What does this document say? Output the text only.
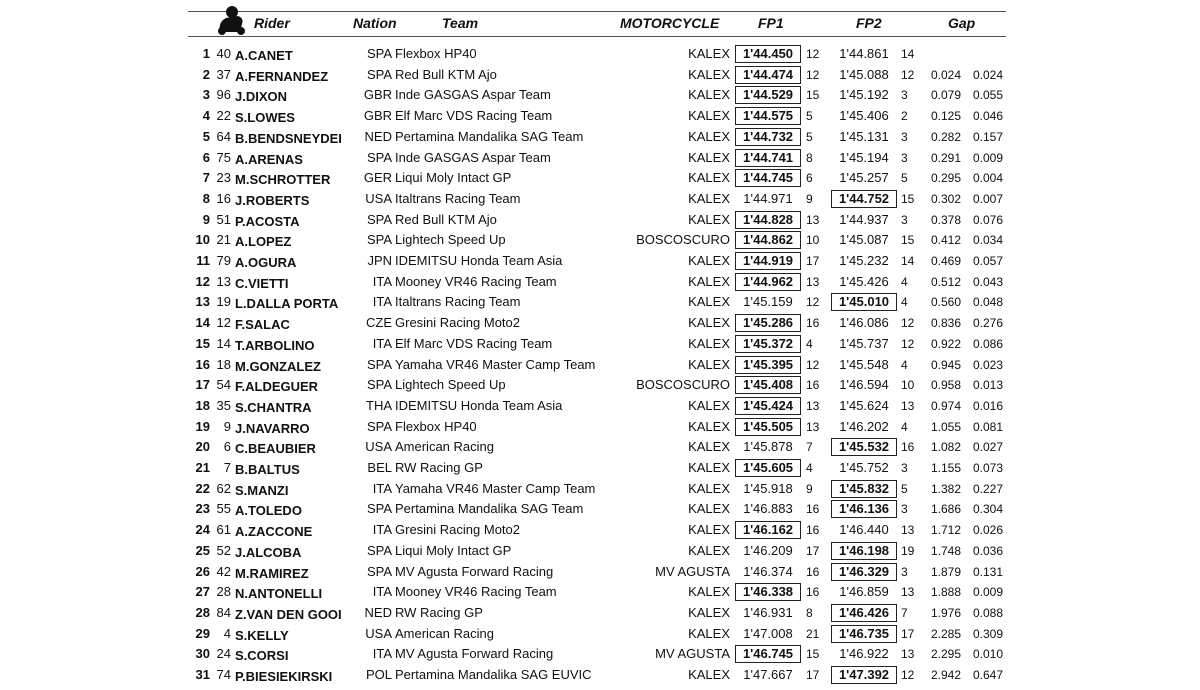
Rider	Nation	Team	MOTORCYCLE	FP1	FP2	Gap
1 40 A.CANET	SPA Flexbox HP40	KALEX 1'44.450	12	1'44.861	14
2 37 A.FERNANDEZ	SPA Red Bull KTM Ajo	KALEX 1'44.474	12	1'45.088	12	0.024 0.024
3 96 J.DIXON	GBR Inde GASGAS Aspar Team	KALEX 1'44.529	15	1'45.192	3	0.079 0.055
4 22 S.LOWES	GBR Elf Marc VDS Racing Team	KALEX 1'44.575	5	1'45.406	2	0.125 0.046
5 64 B.BENDSNEYDEI	NED Pertamina Mandalika SAG Team	KALEX 1'44.732	5	1'45.131	3	0.282 0.157
6 75 A.ARENAS	SPA Inde GASGAS Aspar Team	KALEX 1'44.741	8	1'45.194	3	0.291 0.009
7 23 M.SCHROTTER	GER Liqui Moly Intact GP	KALEX 1'44.745	6	1'45.257	5	0.295 0.004
8 16 J.ROBERTS	USA Italtrans Racing Team	KALEX	1'44.971	9	1'44.752 15	0.302 0.007
9 51 P.ACOSTA	SPA Red Bull KTM Ajo	KALEX 1'44.828	13	1'44.937	3	0.378 0.076
10 21 A.LOPEZ	SPA Lightech Speed Up	BOSCOSCURO 1'44.862	10	1'45.087	15	0.412 0.034
11 79 A.OGURA	JPN IDEMITSU Honda Team Asia	KALEX 1'44.919	17	1'45.232	14	0.469 0.057
12 13 C.VIETTI	ITA Mooney VR46 Racing Team	KALEX 1'44.962	13	1'45.426	4	0.512 0.043
13 19 L.DALLA PORTA	ITA Italtrans Racing Team	KALEX	1'45.159	12	1'45.010 4	0.560 0.048
14 12 F.SALAC	CZE Gresini Racing Moto2	KALEX 1'45.286	16	1'46.086	12	0.836 0.276
15 14 T.ARBOLINO	ITA Elf Marc VDS Racing Team	KALEX 1'45.372	4	1'45.737	12	0.922 0.086
16 18 M.GONZALEZ	SPA Yamaha VR46 Master Camp Team	KALEX 1'45.395	12	1'45.548	4	0.945 0.023
17 54 F.ALDEGUER	SPA Lightech Speed Up	BOSCOSCURO 1'45.408	16	1'46.594	10	0.958 0.013
18 35 S.CHANTRA	THA IDEMITSU Honda Team Asia	KALEX 1'45.424	13	1'45.624	13	0.974 0.016
19	9 J.NAVARRO	SPA Flexbox HP40	KALEX 1'45.505	13	1'46.202	4	1.055 0.081
20	6 C.BEAUBIER	USA American Racing	KALEX	1'45.878	7	1'45.532 16	1.082 0.027
21	7 B.BALTUS	BEL RW Racing GP	KALEX 1'45.605	4	1'45.752	3	1.155 0.073
22 62 S.MANZI	ITA Yamaha VR46 Master Camp Team	KALEX	1'45.918	9	1'45.832 5	1.382 0.227
23 55 A.TOLEDO	SPA Pertamina Mandalika SAG Team	KALEX	1'46.883	16	1'46.136 3	1.686 0.304
24 61 A.ZACCONE	ITA Gresini Racing Moto2	KALEX 1'46.162	16	1'46.440	13	1.712 0.026
25 52 J.ALCOBA	SPA Liqui Moly Intact GP	KALEX	1'46.209	17	1'46.198 19	1.748 0.036
26 42 M.RAMIREZ	SPA MV Agusta Forward Racing	MV AGUSTA	1'46.374	16	1'46.329 3	1.879 0.131
27 28 N.ANTONELLI	ITA Mooney VR46 Racing Team	KALEX 1'46.338	16	1'46.859	13	1.888 0.009
28 84 Z.VAN DEN GOOI	NED RW Racing GP	KALEX	1'46.931	8	1'46.426 7	1.976 0.088
29	4 S.KELLY	USA American Racing	KALEX	1'47.008	21	1'46.735 17	2.285 0.309
30 24 S.CORSI	ITA MV Agusta Forward Racing	MV AGUSTA 1'46.745	15	1'46.922	13	2.295 0.010
31 74 P.BIESIEKIRSKI	POL Pertamina Mandalika SAG EUVIC	KALEX	1'47.667	17	1'47.392 12	2.942 0.647
